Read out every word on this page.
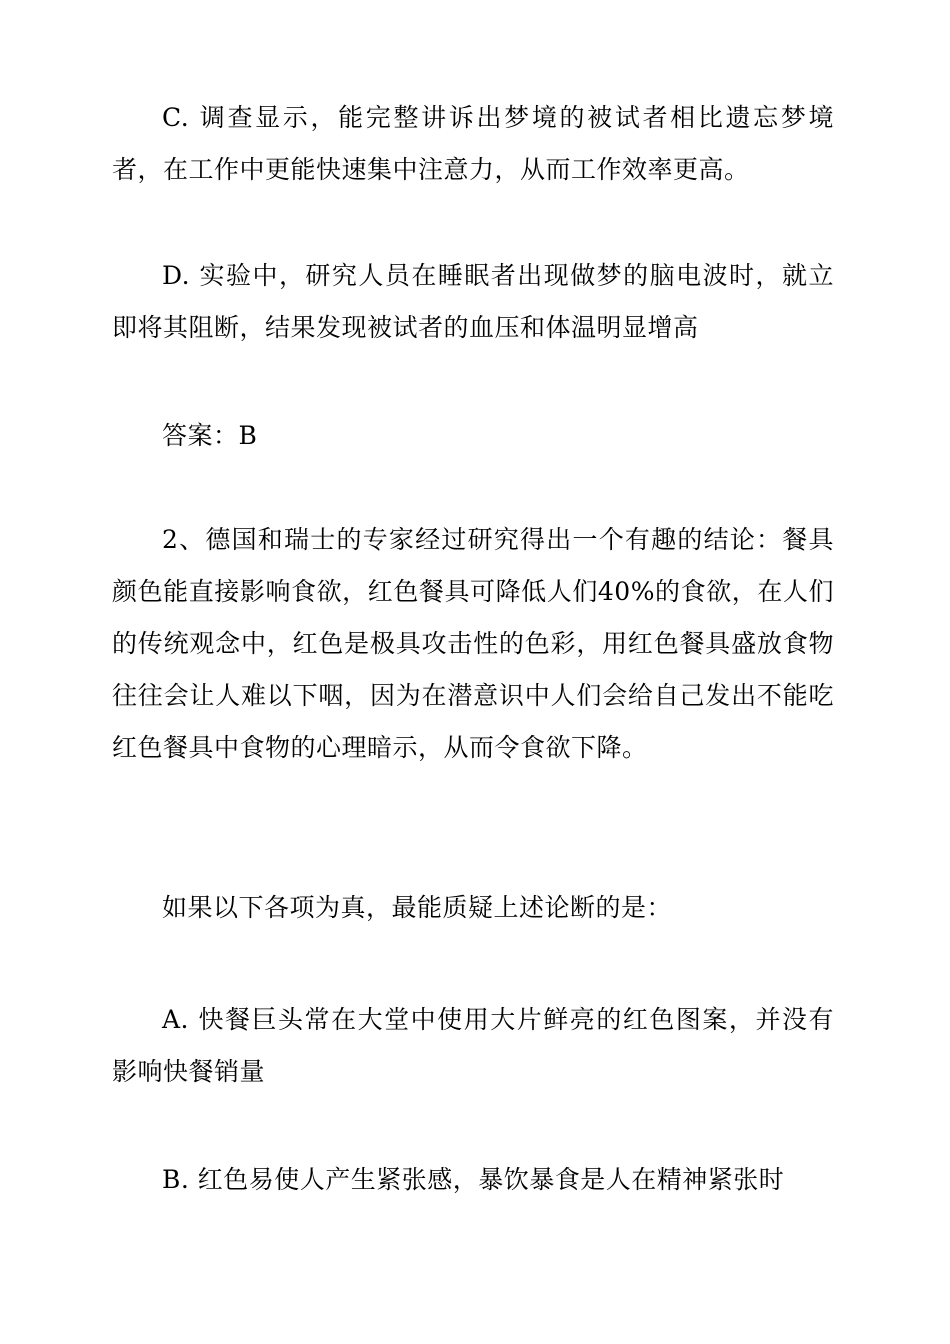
C. 调查显示，能完整讲诉出梦境的被试者相比遗忘梦境者，在工作中更能快速集中注意力，从而工作效率更高。

D. 实验中，研究人员在睡眠者出现做梦的脑电波时，就立即将其阻断，结果发现被试者的血压和体温明显增高

答案：B

2、德国和瑞士的专家经过研究得出一个有趣的结论：餐具颜色能直接影响食欲，红色餐具可降低人们40%的食欲，在人们的传统观念中，红色是极具攻击性的色彩，用红色餐具盛放食物往往会让人难以下咽，因为在潜意识中人们会给自己发出不能吃红色餐具中食物的心理暗示，从而令食欲下降。

如果以下各项为真，最能质疑上述论断的是：

A. 快餐巨头常在大堂中使用大片鲜亮的红色图案，并没有影响快餐销量

B. 红色易使人产生紧张感，暴饮暴食是人在精神紧张时
